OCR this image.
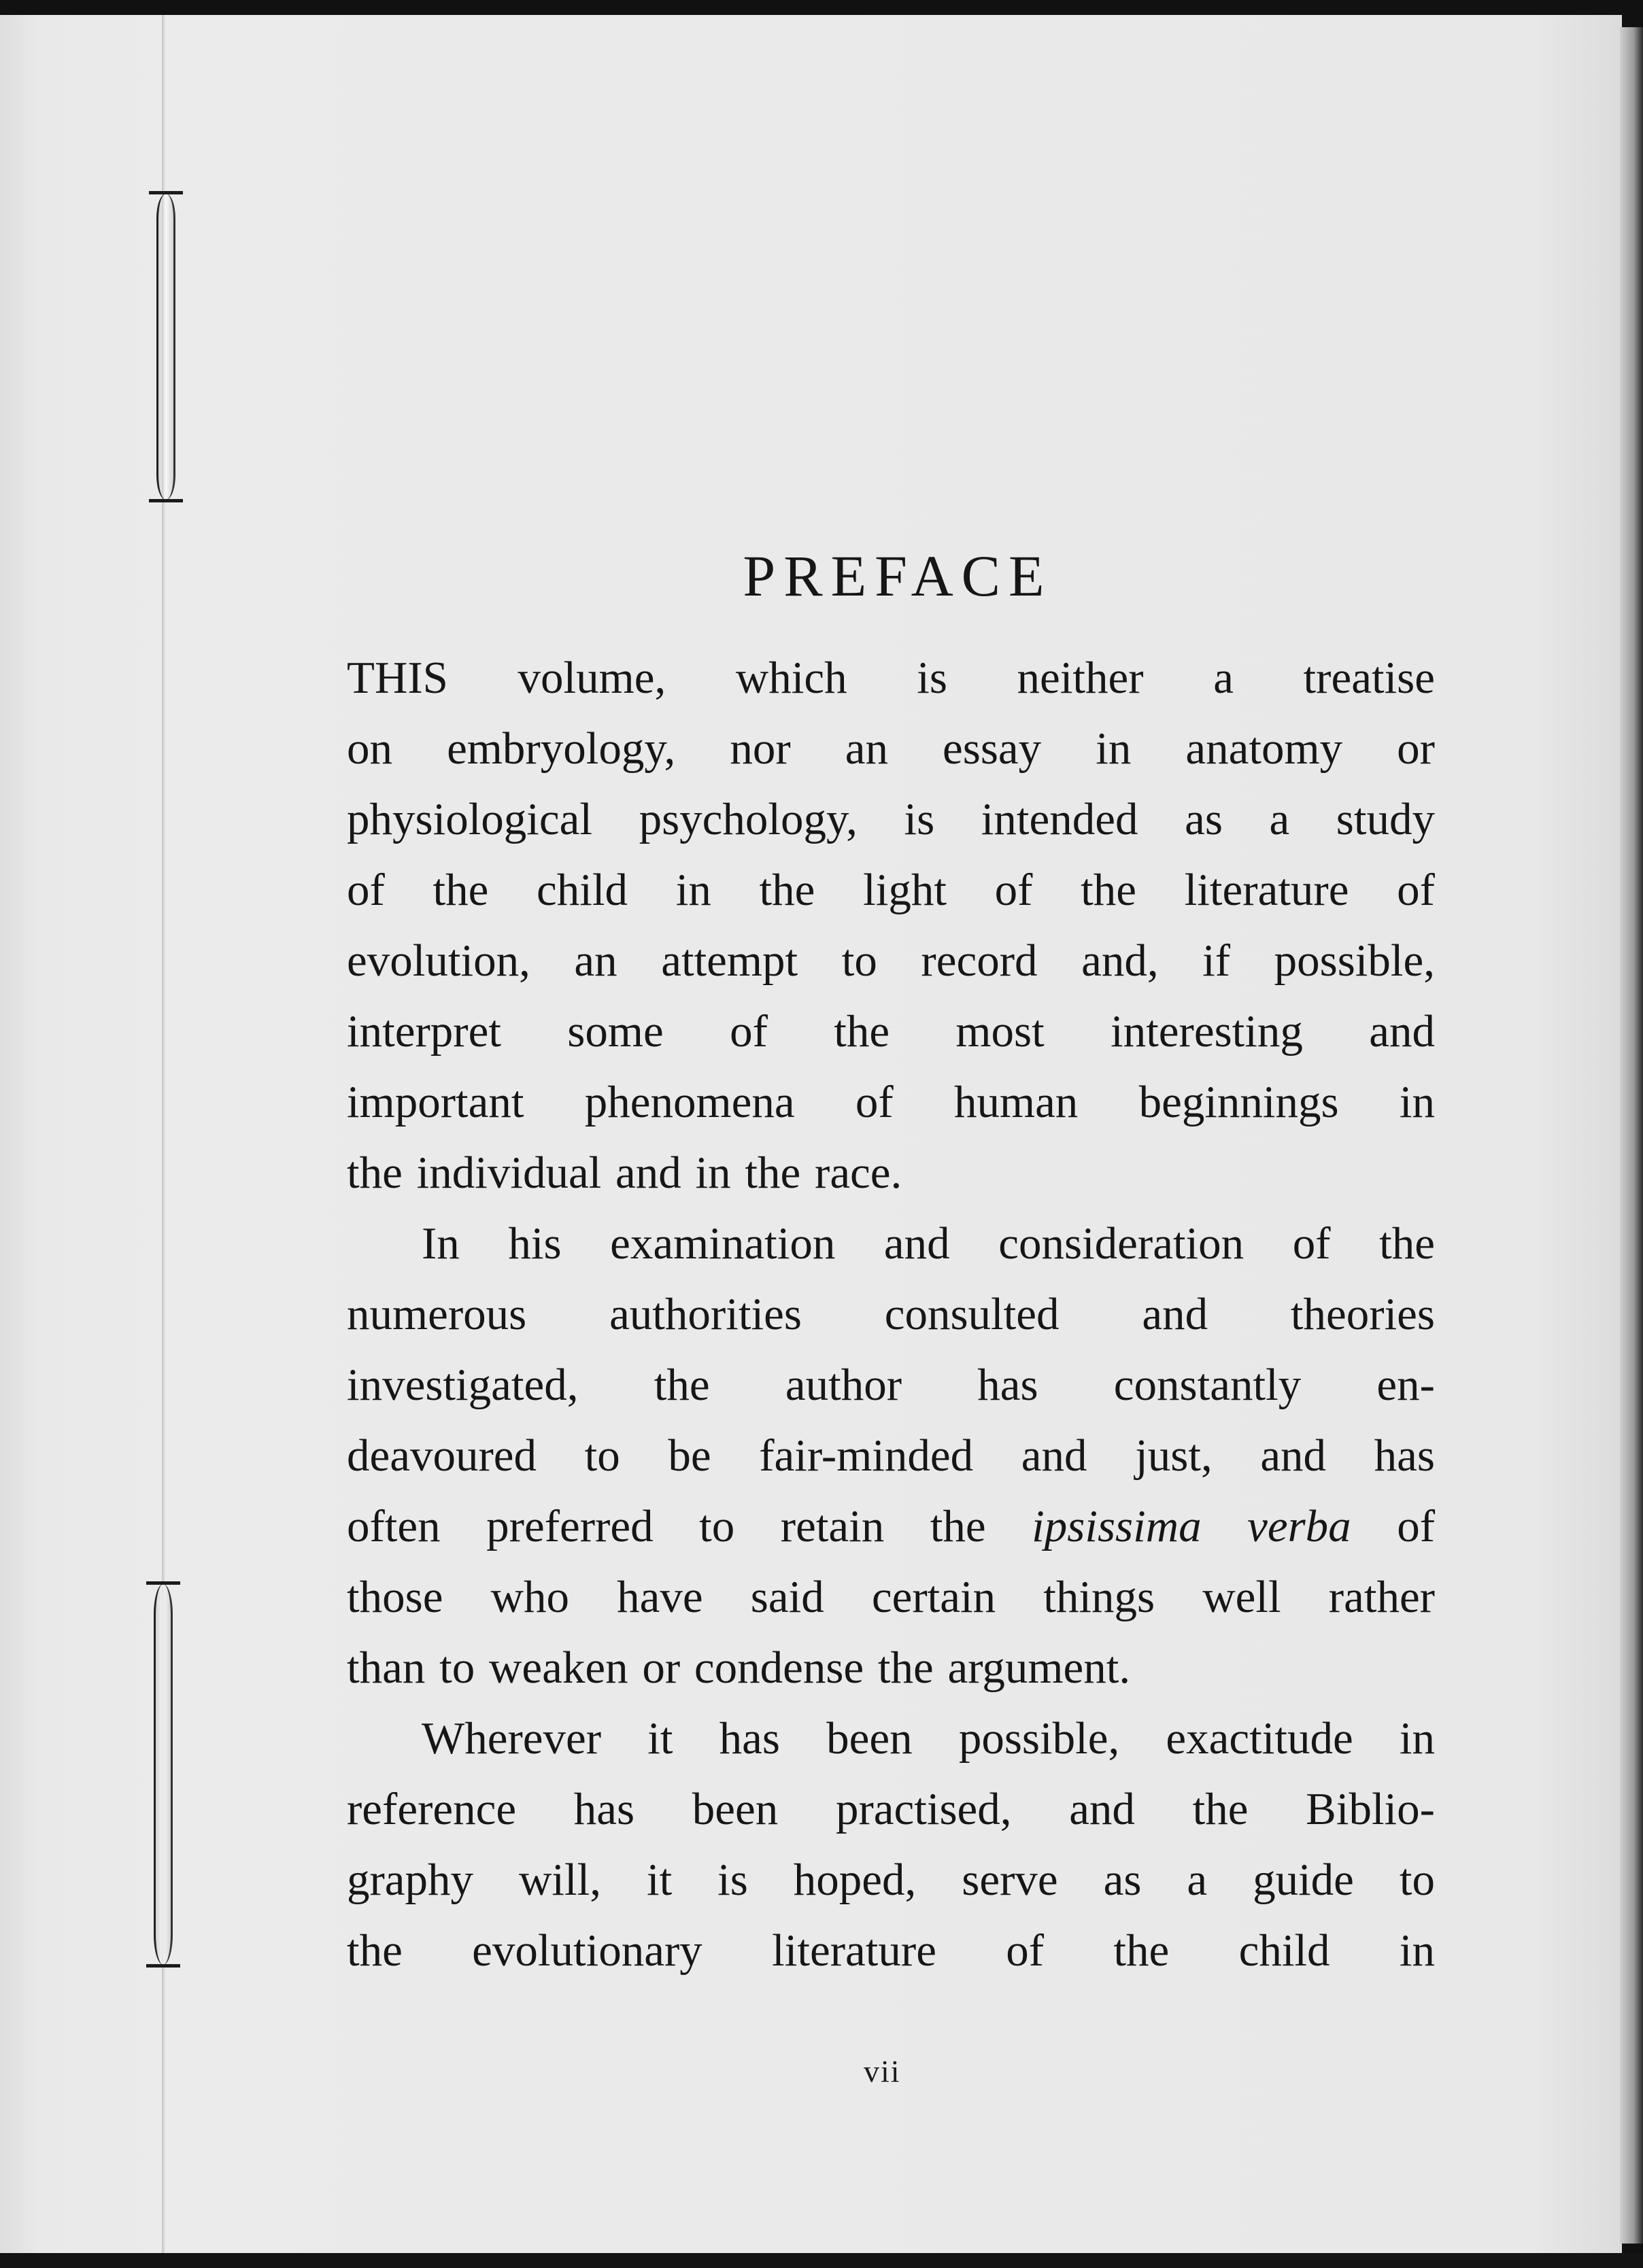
PREFACE

THIS volume, which is neither a treatise
on embryology, nor an essay in anatomy or
physiological psychology, is intended as a study
of the child in the light of the literature of
evolution, an attempt to record and, if possible,
interpret some of the most interesting and
important phenomena of human beginnings in
the individual and in the race.

In his examination and consideration of the
numerous authorities consulted and theories
investigated, the author has constantly en-
deavoured to be fair-minded and just, and has
often preferred to retain the ipsissima verba of
those who have said certain things well rather
than to weaken or condense the argument.

Wherever it has been possible, exactitude in
reference has been practised, and the Biblio-
graphy will, it is hoped, serve as a guide to
the evolutionary literature of the child in

vii
